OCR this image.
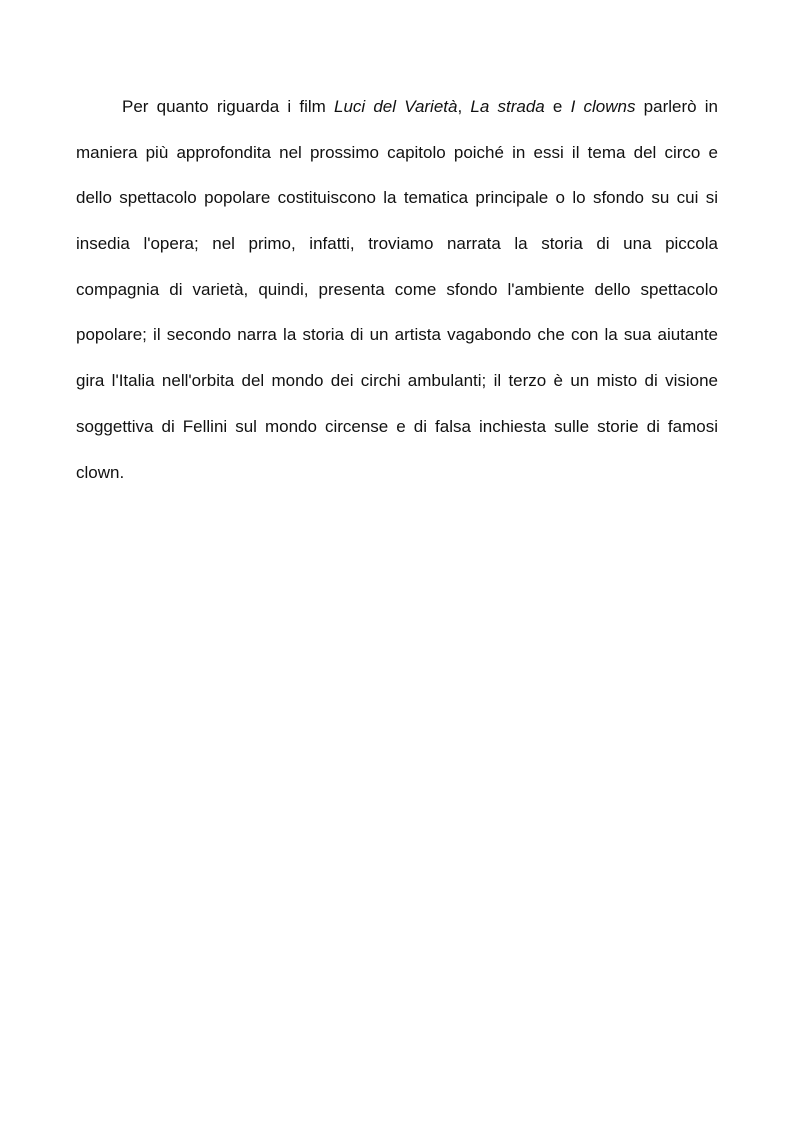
Per quanto riguarda i film Luci del Varietà, La strada e I clowns parlerò in
maniera più approfondita nel prossimo capitolo poiché in essi il tema del circo e
dello spettacolo popolare costituiscono la tematica principale o lo sfondo su cui si
insedia l'opera; nel primo, infatti, troviamo narrata la storia di una piccola
compagnia di varietà, quindi, presenta come sfondo l'ambiente dello spettacolo
popolare; il secondo narra la storia di un artista vagabondo che con la sua aiutante
gira l'Italia nell'orbita del mondo dei circhi ambulanti; il terzo è un misto di visione
soggettiva di Fellini sul mondo circense e di falsa inchiesta sulle storie di famosi
clown.
